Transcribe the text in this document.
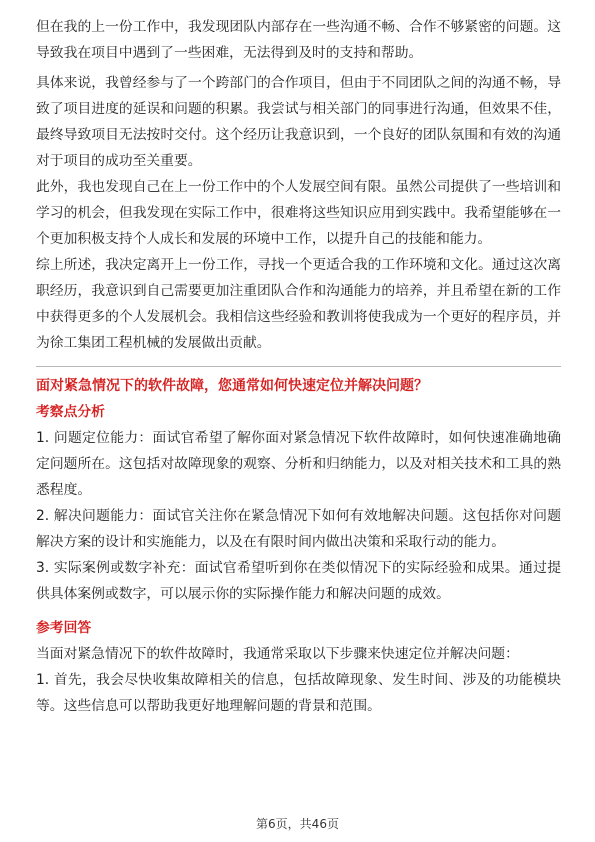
但在我的上一份工作中，我发现团队内部存在一些沟通不畅、合作不够紧密的问题。这导致我在项目中遇到了一些困难，无法得到及时的支持和帮助。

具体来说，我曾经参与了一个跨部门的合作项目，但由于不同团队之间的沟通不畅，导致了项目进度的延误和问题的积累。我尝试与相关部门的同事进行沟通，但效果不佳，最终导致项目无法按时交付。这个经历让我意识到，一个良好的团队氛围和有效的沟通对于项目的成功至关重要。

此外，我也发现自己在上一份工作中的个人发展空间有限。虽然公司提供了一些培训和学习的机会，但我发现在实际工作中，很难将这些知识应用到实践中。我希望能够在一个更加积极支持个人成长和发展的环境中工作，以提升自己的技能和能力。

综上所述，我决定离开上一份工作，寻找一个更适合我的工作环境和文化。通过这次离职经历，我意识到自己需要更加注重团队合作和沟通能力的培养，并且希望在新的工作中获得更多的个人发展机会。我相信这些经验和教训将使我成为一个更好的程序员，并为徐工集团工程机械的发展做出贡献。

面对紧急情况下的软件故障，您通常如何快速定位并解决问题？

考察点分析

1. 问题定位能力：面试官希望了解你面对紧急情况下软件故障时，如何快速准确地确定问题所在。这包括对故障现象的观察、分析和归纳能力，以及对相关技术和工具的熟悉程度。

2. 解决问题能力：面试官关注你在紧急情况下如何有效地解决问题。这包括你对问题解决方案的设计和实施能力，以及在有限时间内做出决策和采取行动的能力。

3. 实际案例或数字补充：面试官希望听到你在类似情况下的实际经验和成果。通过提供具体案例或数字，可以展示你的实际操作能力和解决问题的成效。

参考回答

当面对紧急情况下的软件故障时，我通常采取以下步骤来快速定位并解决问题：

1. 首先，我会尽快收集故障相关的信息，包括故障现象、发生时间、涉及的功能模块等。这些信息可以帮助我更好地理解问题的背景和范围。

第6页，共46页
